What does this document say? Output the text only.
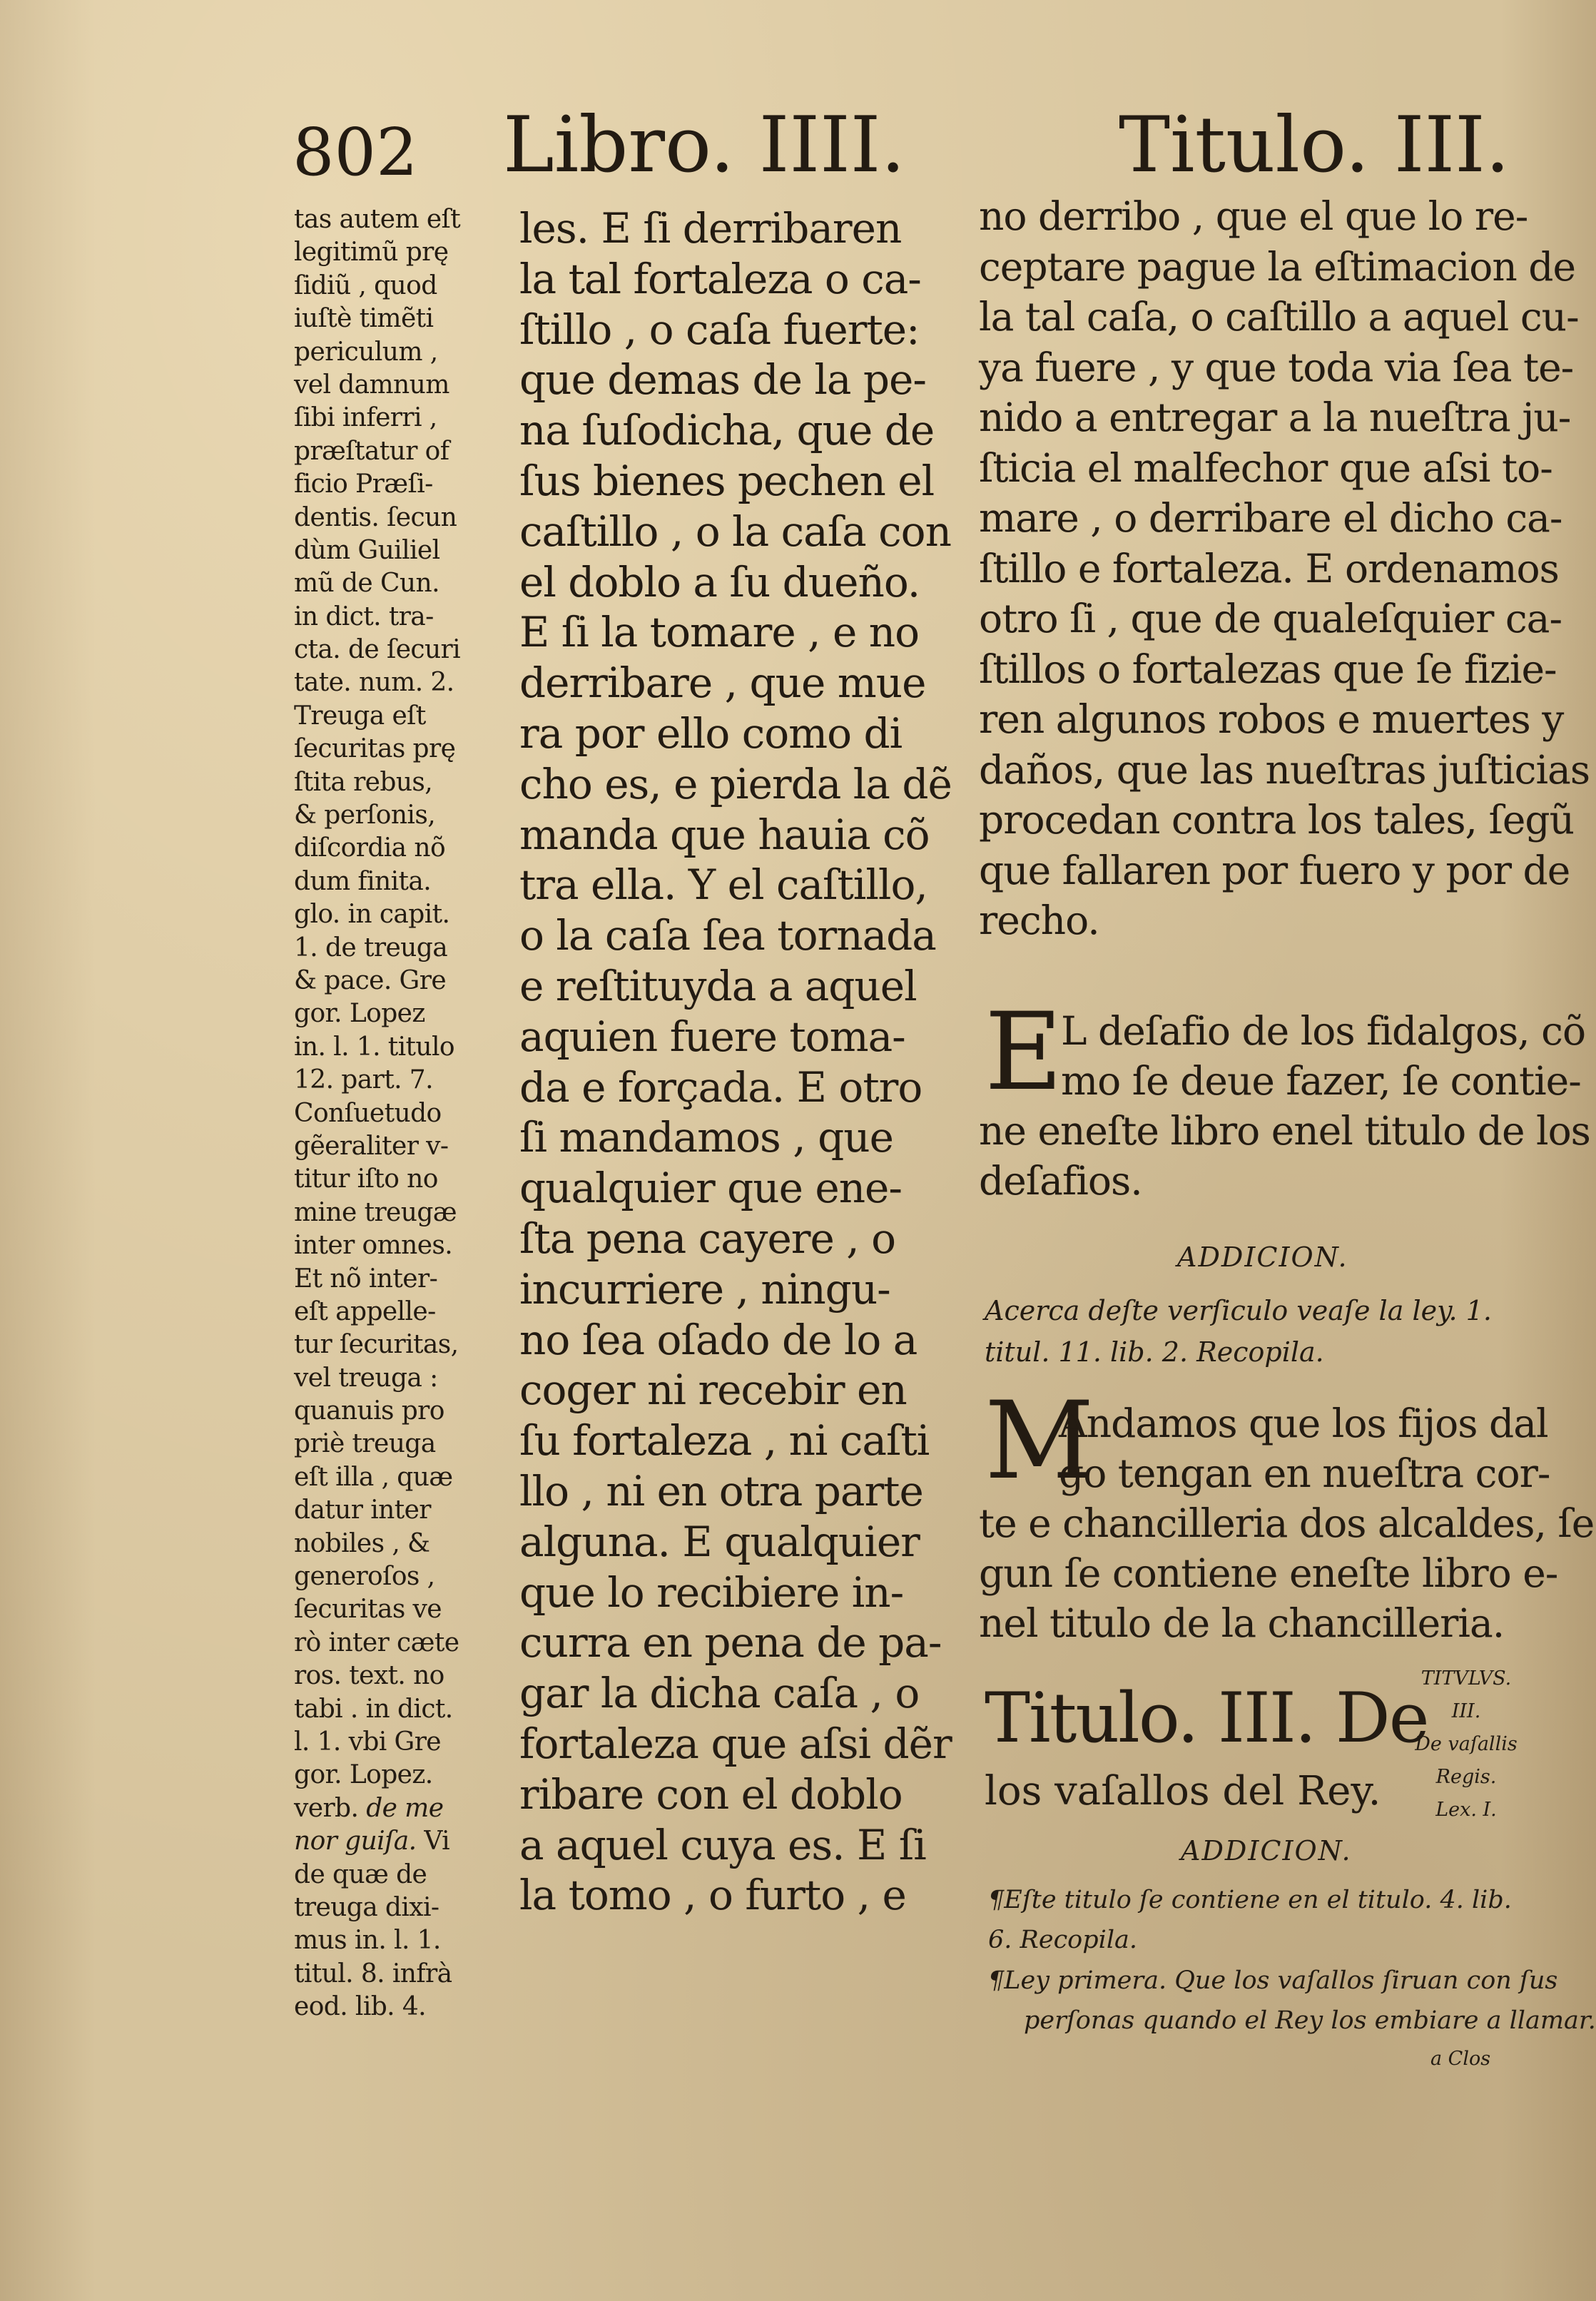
802 Libro. IIII.	Titulo. III.
tas autem eſt
legitimũ prę
ſidiũ , quod
iuſtè timẽti
periculum ,
vel damnum
ſibi inferri ,
præſtatur of
ficio Præſi-
dentis. ſecun
dùm Guiliel
mũ de Cun.
in dict. tra-
cta. de ſecuri
tate. num. 2.
Treuga eſt
ſecuritas prę
ſtita rebus,
& perſonis,
diſcordia nõ
dum finita.
glo. in capit.
1. de treuga
& pace. Gre
gor. Lopez
in. l. 1. titulo
12. part. 7.
Conſuetudo
gẽeraliter v-
titur iſto no
mine treugæ
inter omnes.
Et nõ inter-
eſt appelle-
tur ſecuritas,
vel treuga :
quanuis pro
priè treuga
eſt illa , quæ
datur inter
nobiles , &
generoſos ,
ſecuritas ve
rò inter cæte
ros. text. no
tabi . in dict.
l. 1. vbi Gre
gor. Lopez.
verb. de me
nor guiſa. Vi
de quæ de
treuga dixi-
mus in. l. 1.
titul. 8. infrà
eod. lib. 4.
les. E ſi derribaren
la tal fortaleza o ca-
ſtillo , o caſa fuerte:
que demas de la pe-
na ſuſodicha, que de
ſus bienes pechen el
caſtillo , o la caſa con
el doblo a ſu dueño.
E ſi la tomare , e no
derribare , que mue
ra por ello como di
cho es, e pierda la dẽ
manda que hauia cõ
tra ella. Y el caſtillo,
o la caſa ſea tornada
e reſtituyda a aquel
aquien fuere toma-
da e forçada. E otro
ſi mandamos , que
qualquier que ene-
ſta pena cayere , o
incurriere , ningu-
no ſea oſado de lo a
coger ni recebir en
ſu fortaleza , ni caſti
llo , ni en otra parte
alguna. E qualquier
que lo recibiere in-
curra en pena de pa-
gar la dicha caſa , o
fortaleza que aſsi dẽr
ribare con el doblo
a aquel cuya es. E ſi
la tomo , o furto , e
no derribo , que el que lo re-
ceptare pague la eſtimacion de
la tal caſa, o caſtillo a aquel cu-
ya fuere , y que toda via ſea te-
nido a entregar a la nueſtra ju-
ſticia el malfechor que aſsi to-
mare , o derribare el dicho ca-
ſtillo e fortaleza. E ordenamos
otro ſi , que de qualeſquier ca-
ſtillos o fortalezas que ſe fizie-
ren algunos robos e muertes y
daños, que las nueſtras juſticias
procedan contra los tales, ſegũ
que fallaren por fuero y por de
recho.
E
L deſafio de los fidalgos, cõ
mo ſe deue fazer, ſe contie-
ne eneſte libro enel titulo de los
deſafios.
ADDICION.
Acerca deſte verſiculo veaſe la ley. 1. titul. 11. lib. 2. Recopila.
M
Andamos que los fijos dal
go tengan en nueſtra cor-
te e chancilleria dos alcaldes, ſe
gun ſe contiene eneſte libro e-
nel titulo de la chancilleria.
Titulo. III. De
los vaſallos del Rey.
TITVLVS.
III.
De vaſallis
Regis.
Lex. I.
ADDICION.
¶Eſte titulo ſe contiene en el titulo. 4. lib. 6. Recopila.
¶Ley primera. Que los vaſallos ſiruan con ſus
perſonas quando el Rey los embiare a llamar.
a Clos
